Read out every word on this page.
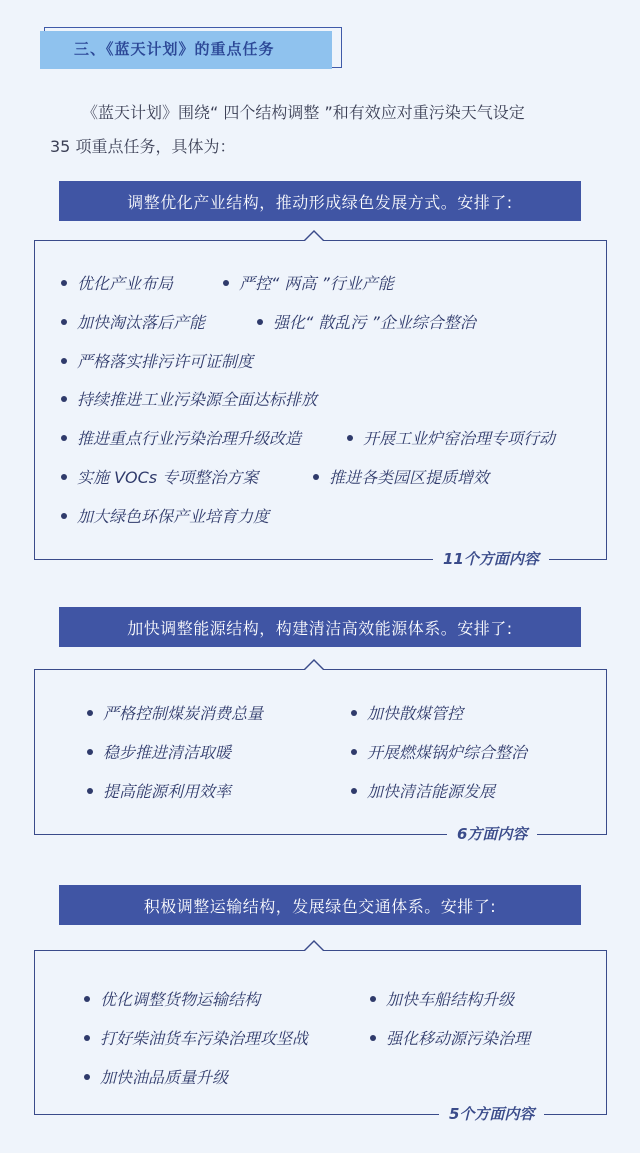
三、《蓝天计划》的重点任务
《蓝天计划》围绕“ 四个结构调整 ”和有效应对重污染天气设定
35 项重点任务，具体为：
调整优化产业结构，推动形成绿色发展方式。安排了:
优化产业布局	严控“ 两高 ”行业产能
加快淘汰落后产能	强化“ 散乱污 ”企业综合整治
严格落实排污许可证制度
持续推进工业污染源全面达标排放
推进重点行业污染治理升级改造	开展工业炉窑治理专项行动
实施 VOCs 专项整治方案	推进各类园区提质增效
加大绿色环保产业培育力度
11个方面内容
加快调整能源结构，构建清洁高效能源体系。安排了:
严格控制煤炭消费总量	加快散煤管控
稳步推进清洁取暖	开展燃煤锅炉综合整治
提高能源利用效率	加快清洁能源发展
6方面内容
积极调整运输结构，发展绿色交通体系。安排了:
优化调整货物运输结构	加快车船结构升级
打好柴油货车污染治理攻坚战	强化移动源污染治理
加快油品质量升级
5个方面内容
